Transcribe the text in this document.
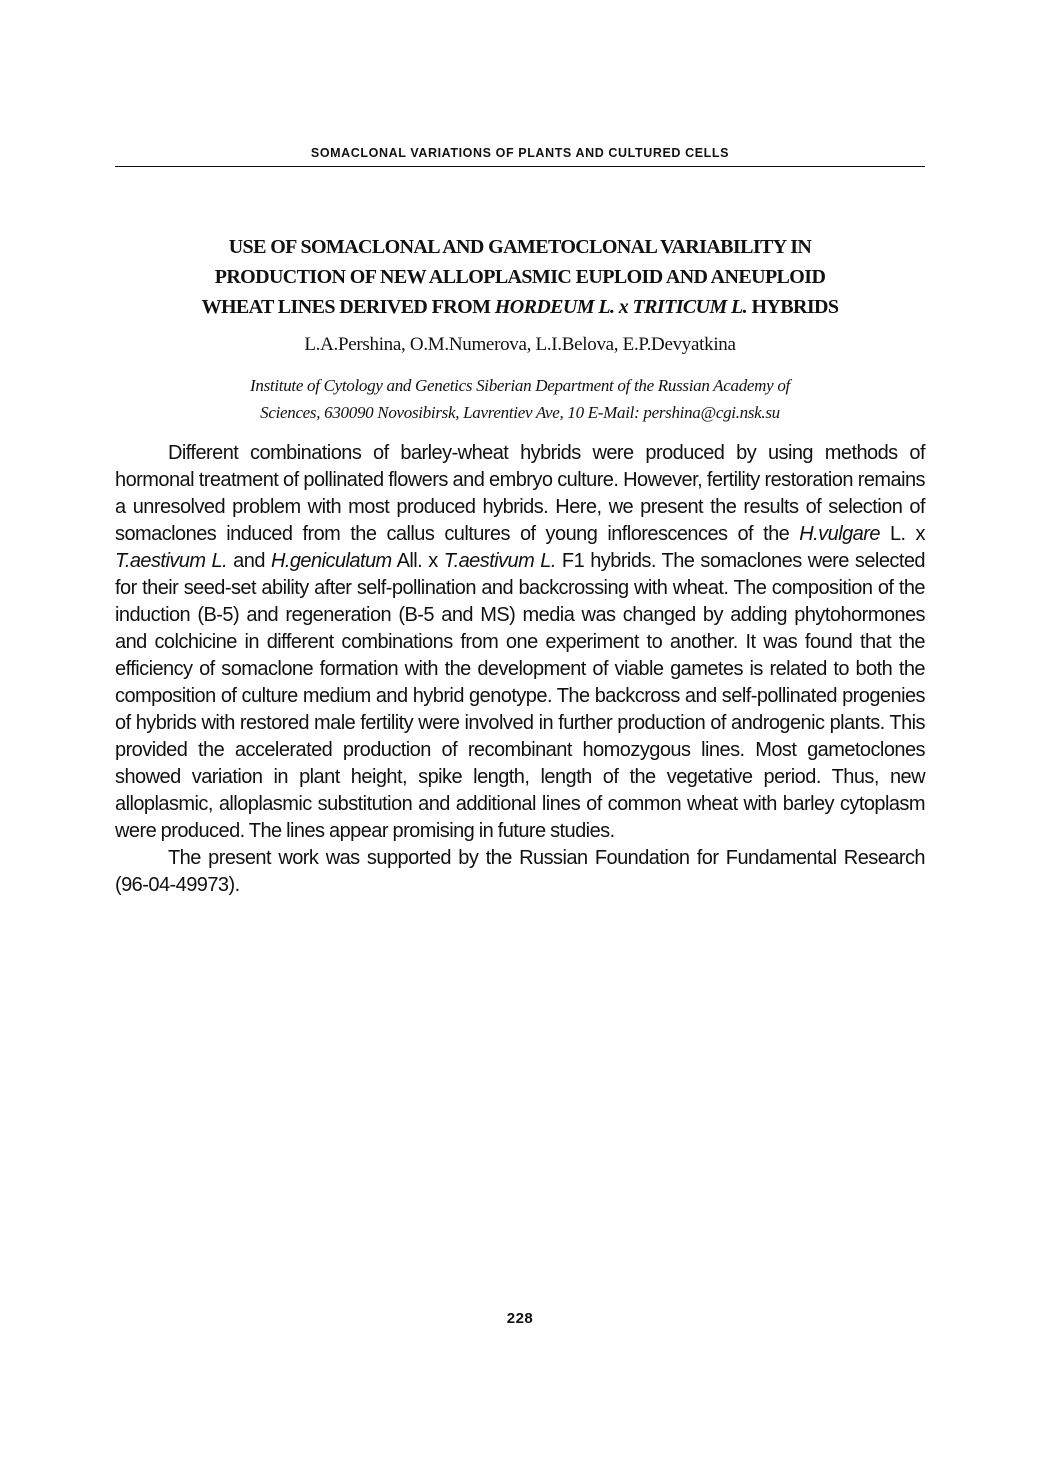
SOMACLONAL VARIATIONS OF PLANTS AND CULTURED CELLS
USE OF SOMACLONAL AND GAMETOCLONAL VARIABILITY IN
PRODUCTION OF NEW ALLOPLASMIC EUPLOID AND ANEUPLOID
WHEAT LINES DERIVED FROM HORDEUM L. x TRITICUM L. HYBRIDS
L.A.Pershina, O.M.Numerova, L.I.Belova, E.P.Devyatkina
Institute of Cytology and Genetics Siberian Department of the Russian Academy of
Sciences, 630090 Novosibirsk, Lavrentiev Ave, 10 E-Mail: pershina@cgi.nsk.su

Different combinations of barley-wheat hybrids were produced by using methods of hormonal treatment of pollinated flowers and embryo culture. However, fertility restoration remains a unresolved problem with most produced hybrids. Here, we present the results of selection of somaclones induced from the callus cultures of young inflorescences of the H.vulgare L. x T.aestivum L. and H.geniculatum All. x T.aestivum L. F1 hybrids. The somaclones were selected for their seed-set ability after self-pollination and backcrossing with wheat. The composition of the induction (B-5) and regeneration (B-5 and MS) media was changed by adding phytohormones and colchicine in different combinations from one experiment to another. It was found that the efficiency of somaclone formation with the development of viable gametes is related to both the composition of culture medium and hybrid genotype. The backcross and self-pollinated progenies of hybrids with restored male fertility were involved in further production of androgenic plants. This provided the accelerated production of recombinant homozygous lines. Most gametoclones showed variation in plant height, spike length, length of the vegetative period. Thus, new alloplasmic, alloplasmic substitution and additional lines of common wheat with barley cytoplasm were produced. The lines appear promising in future studies.

The present work was supported by the Russian Foundation for Fundamental Research (96-04-49973).

228
